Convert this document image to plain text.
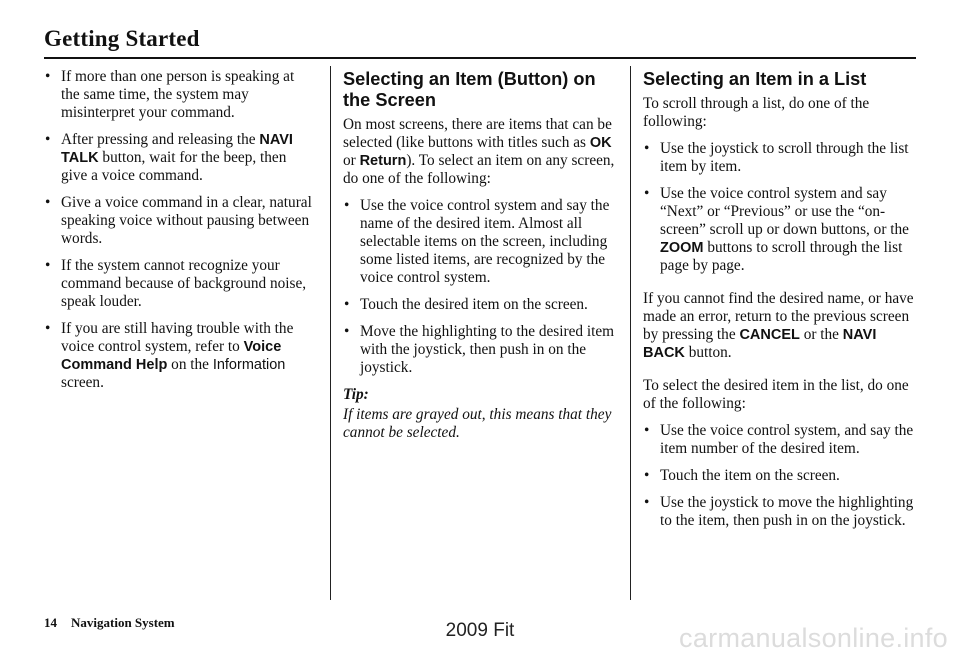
Getting Started
• If more than one person is speaking at the same time, the system may misinterpret your command.
• After pressing and releasing the NAVI TALK button, wait for the beep, then give a voice command.
• Give a voice command in a clear, natural speaking voice without pausing between words.
• If the system cannot recognize your command because of background noise, speak louder.
• If you are still having trouble with the voice control system, refer to Voice Command Help on the Information screen.
Selecting an Item (Button) on the Screen

On most screens, there are items that can be selected (like buttons with titles such as OK or Return). To select an item on any screen, do one of the following:

• Use the voice control system and say the name of the desired item. Almost all selectable items on the screen, including some listed items, are recognized by the voice control system.
• Touch the desired item on the screen.
• Move the highlighting to the desired item with the joystick, then push in on the joystick.
Tip:
If items are grayed out, this means that they cannot be selected.
Selecting an Item in a List

To scroll through a list, do one of the following:

• Use the joystick to scroll through the list item by item.
• Use the voice control system and say “Next” or “Previous” or use the “on-screen” scroll up or down buttons, or the ZOOM buttons to scroll through the list page by page.

If you cannot find the desired name, or have made an error, return to the previous screen by pressing the CANCEL or the NAVI BACK button.

To select the desired item in the list, do one of the following:

• Use the voice control system, and say the item number of the desired item.
• Touch the item on the screen.
• Use the joystick to move the highlighting to the item, then push in on the joystick.
14 Navigation System	2009 Fit	carmanualsonline.info
